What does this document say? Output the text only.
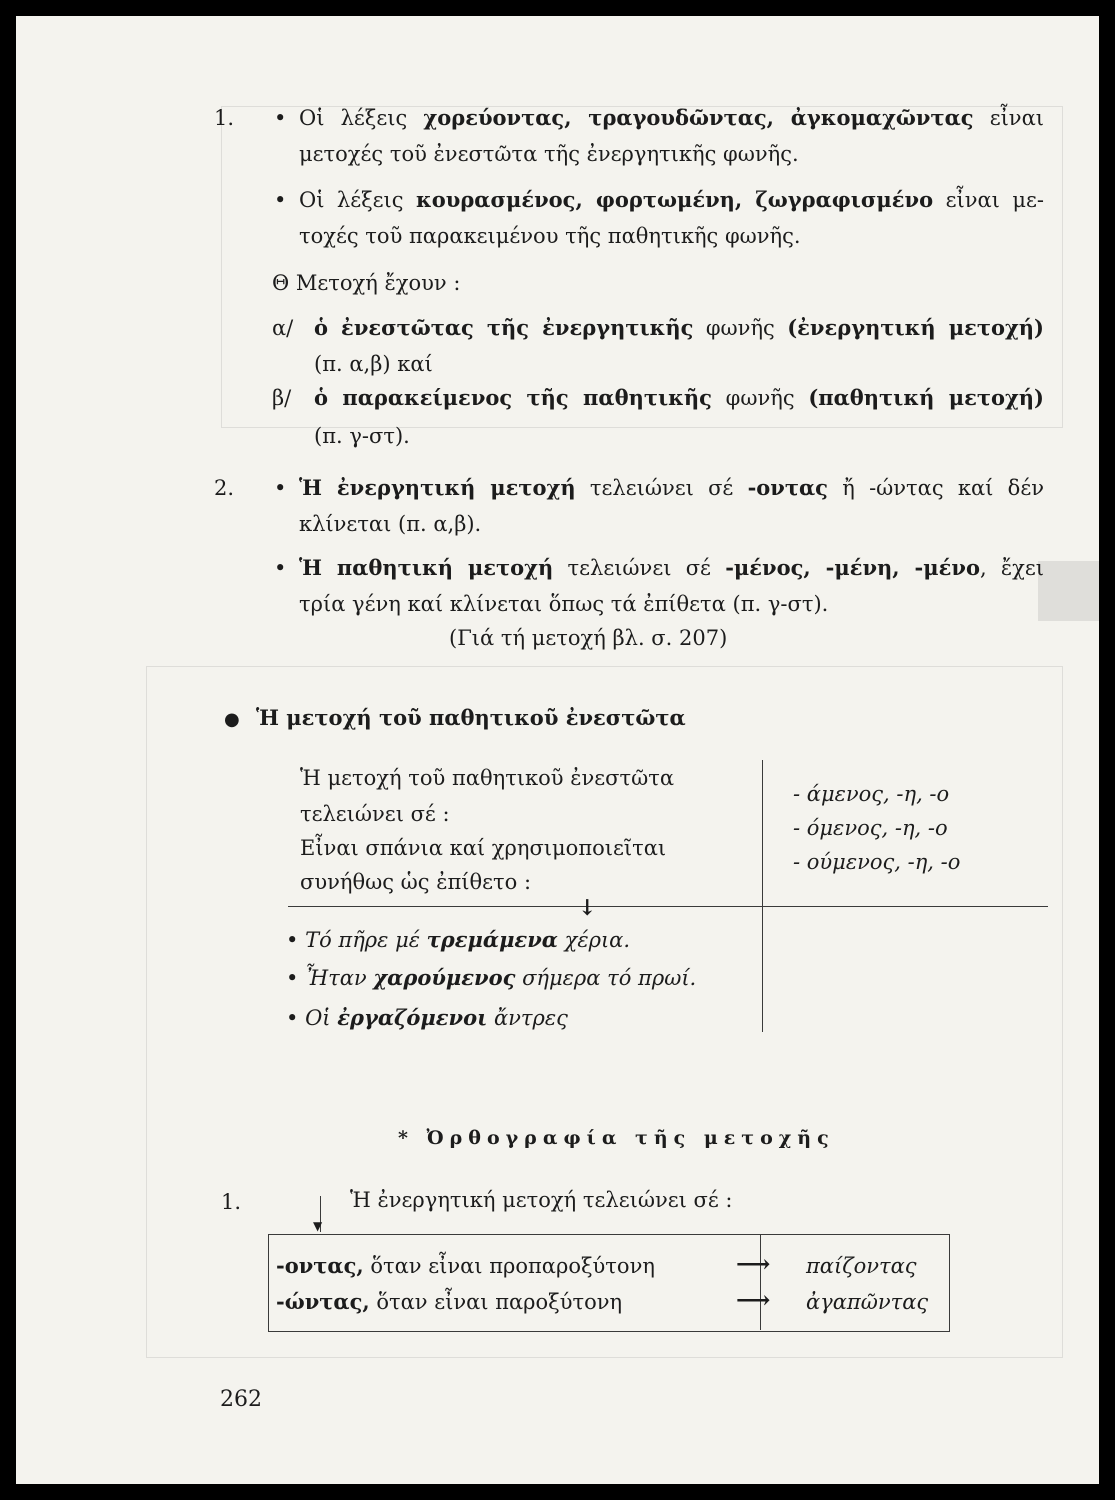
1. • Οἱ λέξεις χορεύοντας, τραγουδῶντας, ἀγκομαχῶντας εἶναι
μετοχές τοῦ ἐνεστῶτα τῆς ἐνεργητικῆς φωνῆς.
• Οἱ λέξεις κουρασμένος, φορτωμένη, ζωγραφισμένο εἶναι με-
τοχές τοῦ παρακειμένου τῆς παθητικῆς φωνῆς.
Θ Μετοχή ἔχουν :
α/ ὁ ἐνεστῶτας τῆς ἐνεργητικῆς φωνῆς (ἐνεργητική μετοχή)
(π. α,β) καί
β/ ὁ παρακείμενος τῆς παθητικῆς φωνῆς (παθητική μετοχή)
(π. γ-στ).
2. • Ἡ ἐνεργητική μετοχή τελειώνει σέ -οντας ἤ -ώντας καί δέν
κλίνεται (π. α,β).
• Ἡ παθητική μετοχή τελειώνει σέ -μένος, -μένη, -μένο, ἔχει
τρία γένη καί κλίνεται ὅπως τά ἐπίθετα (π. γ-στ).
(Γιά τή μετοχή βλ. σ. 207)
● Ἡ μετοχή τοῦ παθητικοῦ ἐνεστῶτα
Ἡ μετοχή τοῦ παθητικοῦ ἐνεστῶτα
τελειώνει σέ :
Εἶναι σπάνια καί χρησιμοποιεῖται
συνήθως ὡς ἐπίθετο :
- άμενος, -η, -ο
- όμενος, -η, -ο
- ούμενος, -η, -ο
↓
• Τό πῆρε μέ τρεμάμενα χέρια.
• Ἦταν χαρούμενος σήμερα τό πρωί.
• Οἱ ἐργαζόμενοι ἄντρες
* Ὀρθογραφία τῆς μετοχῆς
1.	Ἡ ἐνεργητική μετοχή τελειώνει σέ :
▼
-οντας, ὅταν εἶναι προπαροξύτονη	⟶ παίζοντας
-ώντας, ὅταν εἶναι παροξύτονη	⟶ ἀγαπῶντας
262
